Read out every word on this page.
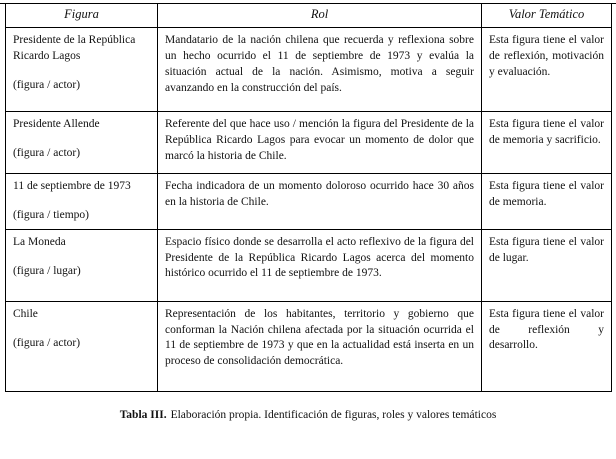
Figura	Rol	Valor Temático

Presidente de la República Ricardo Lagos
(figura / actor)	Mandatario de la nación chilena que recuerda y reflexiona sobre un hecho ocurrido el 11 de septiembre de 1973 y evalúa la situación actual de la nación. Asimismo, motiva a seguir avanzando en la construcción del país.	Esta figura tiene el valor de reflexión, motivación y evaluación.

Presidente Allende
(figura / actor)	Referente del que hace uso / mención la figura del Presidente de la República Ricardo Lagos para evocar un momento de dolor que marcó la historia de Chile.	Esta figura tiene el valor de memoria y sacrificio.

11 de septiembre de 1973
(figura / tiempo)	Fecha indicadora de un momento doloroso ocurrido hace 30 años en la historia de Chile.	Esta figura tiene el valor de memoria.

La Moneda
(figura / lugar)	Espacio físico donde se desarrolla el acto reflexivo de la figura del Presidente de la República Ricardo Lagos acerca del momento histórico ocurrido el 11 de septiembre de 1973.	Esta figura tiene el valor de lugar.

Chile
(figura / actor)	Representación de los habitantes, territorio y gobierno que conforman la Nación chilena afectada por la situación ocurrida el 11 de septiembre de 1973 y que en la actualidad está inserta en un proceso de consolidación democrática.	Esta figura tiene el valor de reflexión y desarrollo.
Tabla III. Elaboración propia. Identificación de figuras, roles y valores temáticos
